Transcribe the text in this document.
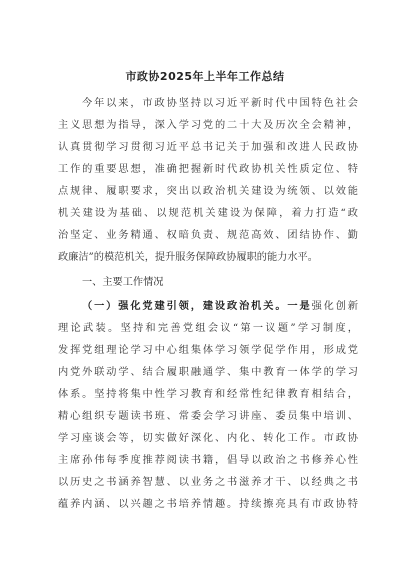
市政协2025年上半年工作总结
今年以来，市政协坚持以习近平新时代中国特色社会
主义思想为指导，深入学习党的二十大及历次全会精神，
认真贯彻学习贯彻习近平总书记关于加强和改进人民政协
工作的重要思想，准确把握新时代政协机关性质定位、特
点规律、履职要求，突出以政治机关建设为统领、以效能
机关建设为基础、以规范机关建设为保障，着力打造“政
治坚定、业务精通、权暗负责、规范高效、团结协作、勤
政廉洁”的模范机关，提升服务保障政协履职的能力水平。
一、主要工作情况
（一）强化党建引领，建设政治机关。一是强化创新
理论武装。坚持和完善党组会议“第一议题”学习制度，
发挥党组理论学习中心组集体学习领学促学作用，形成党
内党外联动学、结合履职融通学、集中教育一体学的学习
体系。坚持将集中性学习教育和经常性纪律教育相结合，
精心组织专题读书班、常委会学习讲座、委员集中培训、
学习座谈会等，切实做好深化、内化、转化工作。市政协
主席孙伟每季度推荐阅读书籍，倡导以政治之书修养心性
以历史之书涵养智慧、以业务之书滋养才干、以经典之书
蕴养内涵、以兴趣之书培养情趣。持续擦亮具有市政协特
